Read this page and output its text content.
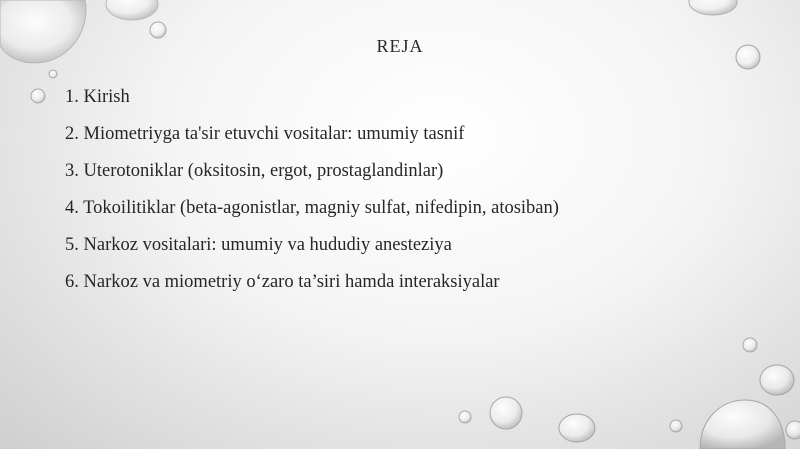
REJA
1. Kirish
2. Miometriyga ta'sir etuvchi vositalar: umumiy tasnif
3. Uterotoniklar (oksitosin, ergot, prostaglandinlar)
4. Tokoilitiklar (beta-agonistlar, magniy sulfat, nifedipin, atosiban)
5. Narkoz vositalari: umumiy va hududiy anesteziya
6. Narkoz va miometriy o‘zaro ta’siri hamda interaksiyalar
